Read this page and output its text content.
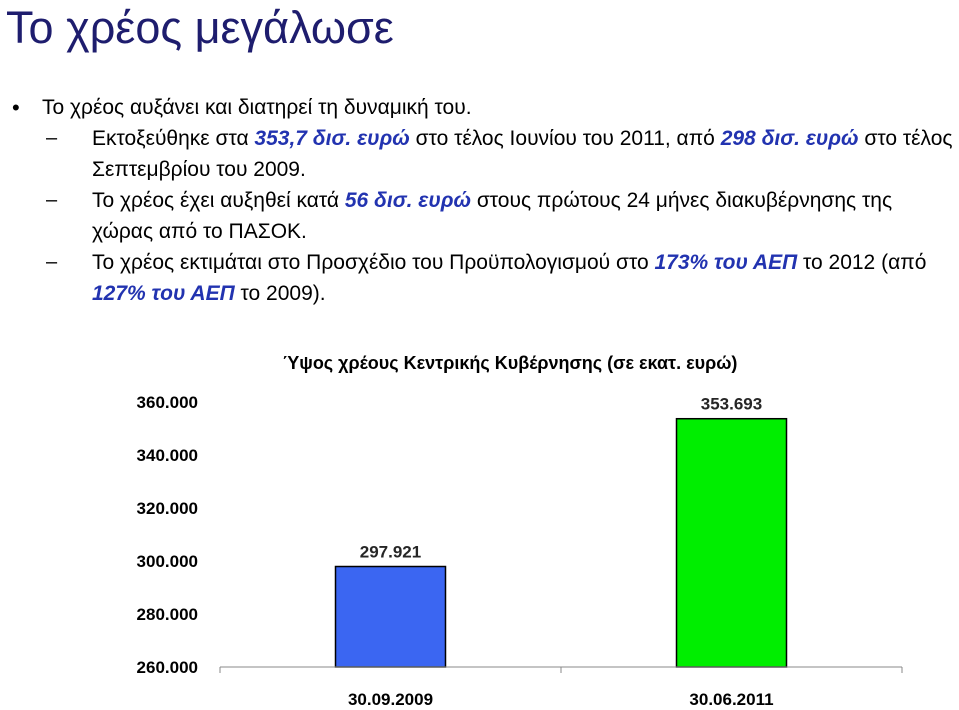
Το χρέος μεγάλωσε
• Το χρέος αυξάνει και διατηρεί τη δυναμική του.
– Εκτοξεύθηκε στα 353,7 δισ. ευρώ στο τέλος Ιουνίου του 2011, από 298 δισ. ευρώ στο τέλος Σεπτεμβρίου του 2009.
– Το χρέος έχει αυξηθεί κατά 56 δισ. ευρώ στους πρώτους 24 μήνες διακυβέρνησης της χώρας από το ΠΑΣΟΚ.
– Το χρέος εκτιμάται στο Προσχέδιο του Προϋπολογισμού στο 173% του ΑΕΠ το 2012 (από 127% του ΑΕΠ το 2009).
Ύψος χρέους Κεντρικής Κυβέρνησης (σε εκατ. ευρώ)
260.000
280.000
300.000
320.000
340.000
360.000
297.921
353.693
30.09.2009	30.06.2011
